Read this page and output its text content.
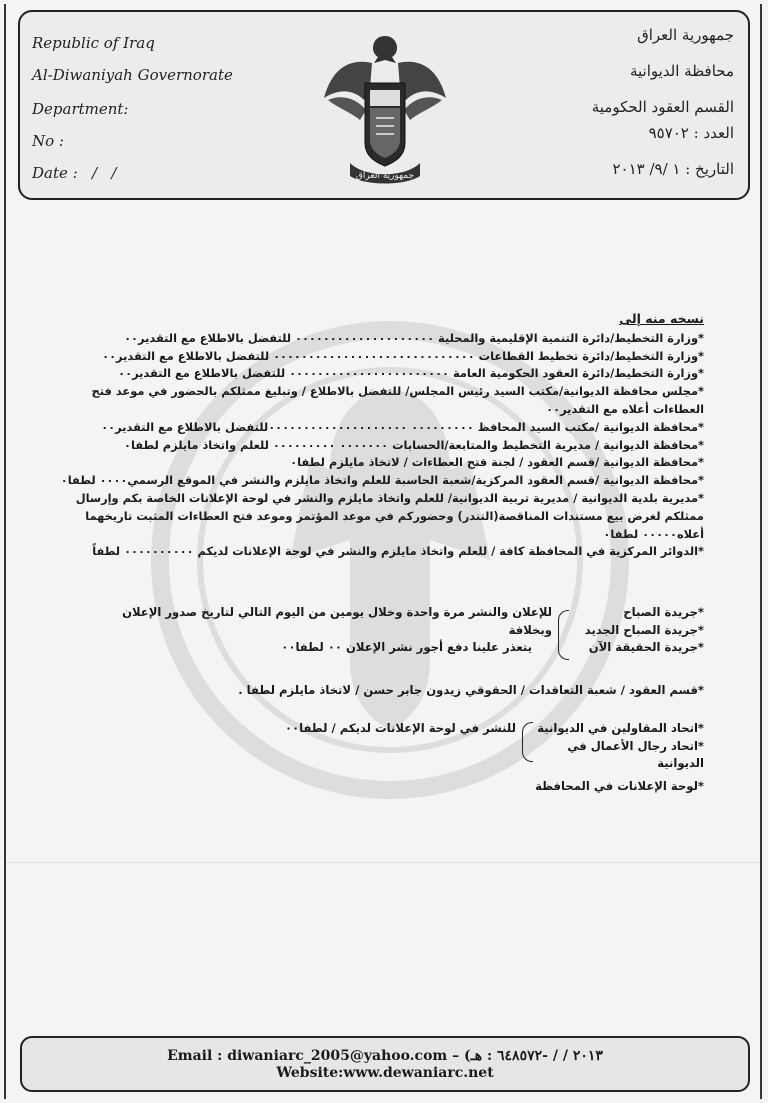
Republic of Iraq
Al-Diwaniyah Governorate
Department:
No :
Date :   /   /
جمهورية العراق
محافظة الديوانية
القسم العقود الحكومية
العدد : ٩٥٧٠٢
التاريخ : ١ /٩/ ٢٠١٣
جمهورية العراق
نسخه منه إلى
*وزارة التخطيط/دائرة التنمية الإقليمية والمحلية ٠٠٠٠٠٠٠٠٠٠٠٠٠٠٠٠٠٠٠٠ للتفضل بالاطلاع مع التقدير٠٠
*وزارة التخطيط/دائرة تخطيط القطاعات ٠٠٠٠٠٠٠٠٠٠٠٠٠٠٠٠٠٠٠٠٠٠٠٠٠٠٠٠٠ للتفضل بالاطلاع مع التقدير٠٠
*وزارة التخطيط/دائرة العقود الحكومية العامة ٠٠٠٠٠٠٠٠٠٠٠٠٠٠٠٠٠٠٠٠٠٠٠ للتفضل بالاطلاع مع التقدير٠٠
*مجلس محافظة الديوانية/مكتب السيد رئيس المجلس/ للتفضل بالاطلاع / وتبليغ ممثلكم بالحضور في موعد فتح العطاءات أعلاه مع التقدير٠٠
*محافظة الديوانية /مكتب السيد المحافظ ٠٠٠٠٠٠٠٠٠ ٠٠٠٠٠٠٠٠٠٠٠٠٠٠٠٠٠٠٠٠للتفضل بالاطلاع مع التقدير٠٠
*محافظة الديوانية / مديرية التخطيط والمتابعة/الحسابات ٠٠٠٠٠٠٠ ٠٠٠٠٠٠٠٠٠ للعلم واتخاذ مايلزم لطفا٠
*محافظة الديوانية /قسم العقود / لجنة فتح العطاءات / لاتخاذ مايلزم لطفا٠
*محافظة الديوانية /قسم العقود المركزية/شعبة الحاسبة للعلم واتخاذ مايلزم والنشر في الموقع الرسمي٠٠٠٠ لطفا٠
*مديرية بلدية الديوانية / مديرية تربية الديوانية/ للعلم واتخاذ مايلزم والنشر في لوحة الإعلانات الخاصة بكم وإرسال ممثلكم لغرض بيع مستندات المناقصة(التندر) وحضوركم في موعد المؤتمر وموعد فتح العطاءات المثبت تاريخهما أعلاه٠٠٠٠٠ لطفا٠
*الدوائر المركزية في المحافظة كافة / للعلم واتخاذ مايلزم والنشر في لوحة الإعلانات لديكم ٠٠٠٠٠٠٠٠٠٠ لطفاً
*جريدة الصباح
*جريدة الصباح الجديد
*جريدة الحقيقة الآن
للإعلان والنشر مرة واحدة وخلال يومين من اليوم التالي لتاريخ صدور الإعلان وبخلافة
يتعذر علينا دفع أجور نشر الإعلان ٠٠ لطفا٠٠
*قسم العقود / شعبة التعاقدات / الحقوقي زيدون جابر حسن / لاتخاذ مايلزم لطفا .
*اتحاد المقاولين في الديوانية
*اتحاد رجال الأعمال في الديوانية
للنشر في لوحة الإعلانات لديكم / لطفا٠٠
*لوحة الإعلانات في المحافظة
Email : diwaniarc_2005@yahoo.com – (٢٠١٣ / / -٦٤٨٥٧٢ : هـ
Website:www.dewaniarc.net
